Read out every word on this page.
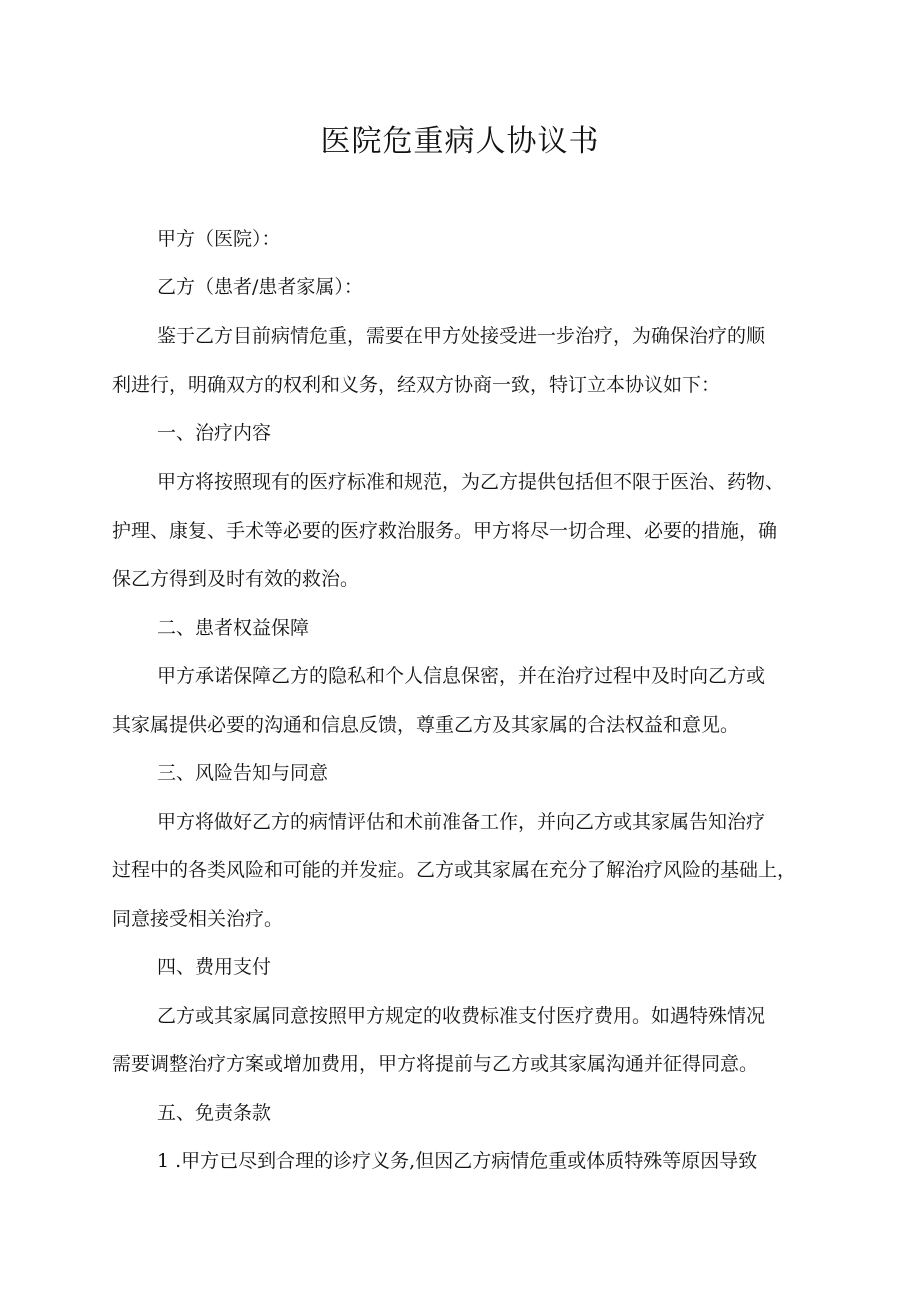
医院危重病人协议书

甲方（医院）：

乙方（患者/患者家属）：

鉴于乙方目前病情危重，需要在甲方处接受进一步治疗，为确保治疗的顺

利进行，明确双方的权利和义务，经双方协商一致，特订立本协议如下：

一、治疗内容

甲方将按照现有的医疗标准和规范，为乙方提供包括但不限于医治、药物、

护理、康复、手术等必要的医疗救治服务。甲方将尽一切合理、必要的措施，确

保乙方得到及时有效的救治。

二、患者权益保障

甲方承诺保障乙方的隐私和个人信息保密，并在治疗过程中及时向乙方或

其家属提供必要的沟通和信息反馈，尊重乙方及其家属的合法权益和意见。

三、风险告知与同意

甲方将做好乙方的病情评估和术前准备工作，并向乙方或其家属告知治疗

过程中的各类风险和可能的并发症。乙方或其家属在充分了解治疗风险的基础上，

同意接受相关治疗。

四、费用支付

乙方或其家属同意按照甲方规定的收费标准支付医疗费用。如遇特殊情况

需要调整治疗方案或增加费用，甲方将提前与乙方或其家属沟通并征得同意。

五、免责条款

1 .甲方已尽到合理的诊疗义务,但因乙方病情危重或体质特殊等原因导致
